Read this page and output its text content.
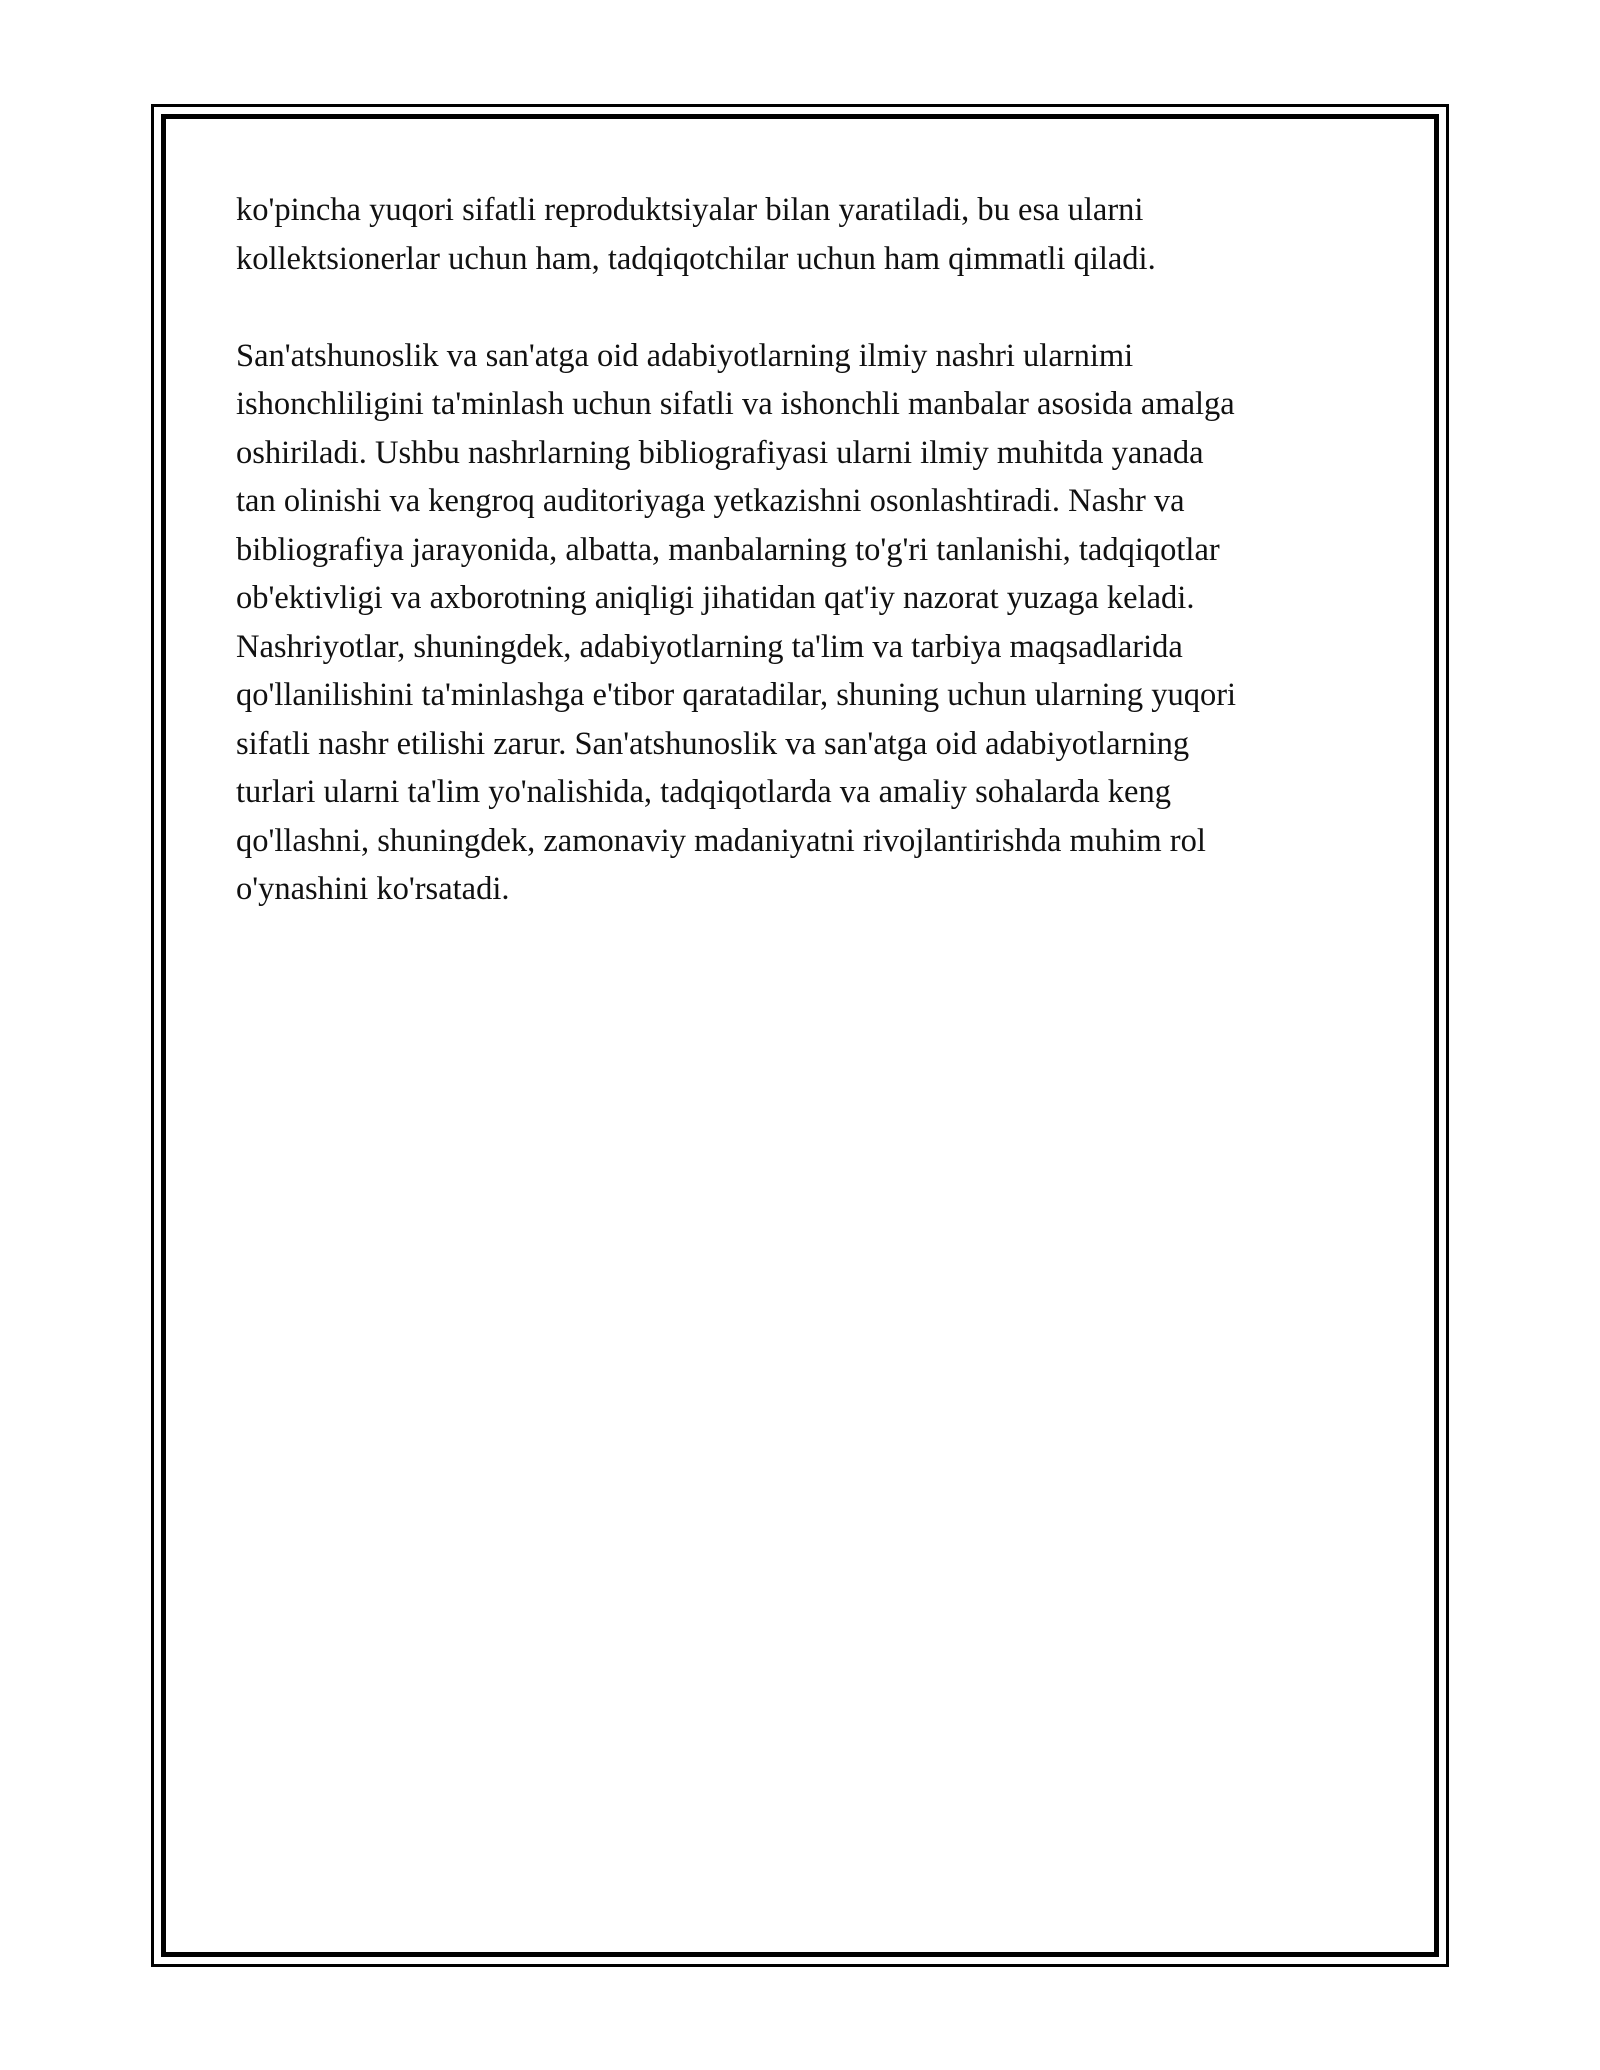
ko'pincha yuqori sifatli reproduktsiyalar bilan yaratiladi, bu esa ularni
kollektsionerlar uchun ham, tadqiqotchilar uchun ham qimmatli qiladi.

San'atshunoslik va san'atga oid adabiyotlarning ilmiy nashri ularnimi
ishonchliligini ta'minlash uchun sifatli va ishonchli manbalar asosida amalga
oshiriladi. Ushbu nashrlarning bibliografiyasi ularni ilmiy muhitda yanada
tan olinishi va kengroq auditoriyaga yetkazishni osonlashtiradi. Nashr va
bibliografiya jarayonida, albatta, manbalarning to'g'ri tanlanishi, tadqiqotlar
ob'ektivligi va axborotning aniqligi jihatidan qat'iy nazorat yuzaga keladi.
Nashriyotlar, shuningdek, adabiyotlarning ta'lim va tarbiya maqsadlarida
qo'llanilishini ta'minlashga e'tibor qaratadilar, shuning uchun ularning yuqori
sifatli nashr etilishi zarur. San'atshunoslik va san'atga oid adabiyotlarning
turlari ularni ta'lim yo'nalishida, tadqiqotlarda va amaliy sohalarda keng
qo'llashni, shuningdek, zamonaviy madaniyatni rivojlantirishda muhim rol
o'ynashini ko'rsatadi.
